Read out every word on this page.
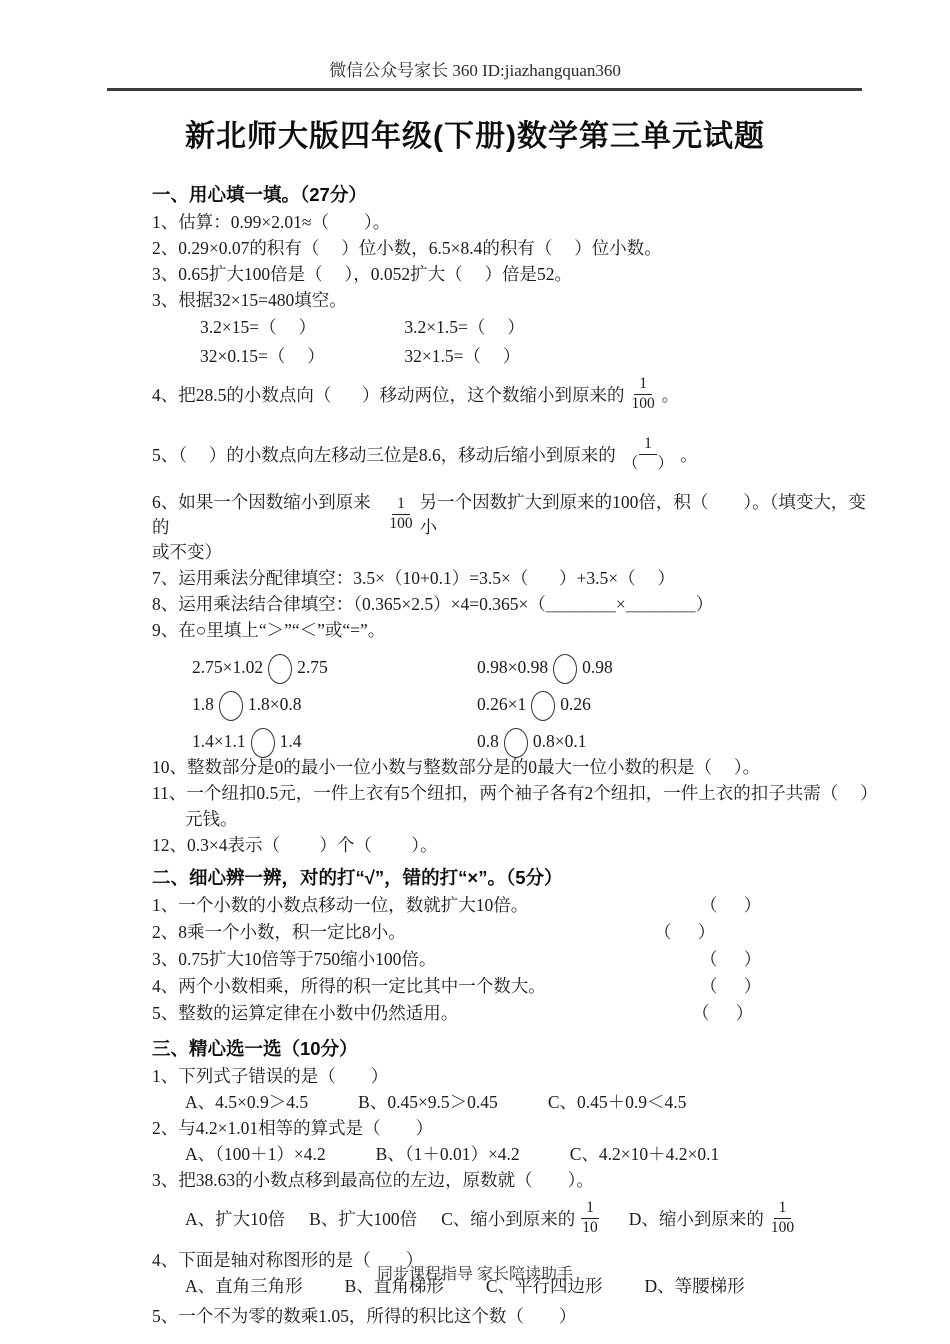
微信公众号家长 360 ID:jiazhangquan360
新北师大版四年级(下册)数学第三单元试题
一、用心填一填。（27分）
1、估算：0.99×2.01≈（        ）。
2、0.29×0.07的积有（     ）位小数，6.5×8.4的积有（     ）位小数。
3、0.65扩大100倍是（     ），0.052扩大（     ）倍是52。
3、根据32×15=480填空。
3.2×15=（     ）	3.2×1.5=（     ）
32×0.15=（     ）	32×1.5=（     ）
4、把28.5的小数点向（       ）移动两位，这个数缩小到原来的 $\frac{1}{100}$ 。
5、（     ）的小数点向左移动三位是8.6，移动后缩小到原来的 $\frac{1}{( )}$ 。
6、如果一个因数缩小到原来的	$\frac{1}{100}$ 另一个因数扩大到原来的100倍，积（        ）。（填变大，变小
或不变）
7、运用乘法分配律填空：3.5×（10+0.1）=3.5×（       ）+3.5×（     ）
8、运用乘法结合律填空：（0.365×2.5）×4=0.365×（＿＿＿＿×＿＿＿＿）
9、在○里填上“＞”“＜”或“=”。
2.75×1.02 2.75	0.98×0.98 0.98
1.8 1.8×0.8	0.26×1 0.26
1.4×1.1 1.4	0.8 0.8×0.1
10、整数部分是0的最小一位小数与整数部分是的0最大一位小数的积是（     ）。
11、一个纽扣0.5元，一件上衣有5个纽扣，两个袖子各有2个纽扣，一件上衣的扣子共需（     ）
元钱。
12、0.3×4表示（         ）个（         ）。
二、细心辨一辨，对的打“√”，错的打“×”。（5分）
1、一个小数的小数点移动一位，数就扩大10倍。	（      ）
2、8乘一个小数，积一定比8小。	（      ）
3、0.75扩大10倍等于750缩小100倍。	（      ）
4、两个小数相乘，所得的积一定比其中一个数大。	（      ）
5、整数的运算定律在小数中仍然适用。	（      ）
三、精心选一选（10分）
1、下列式子错误的是（        ）
A、4.5×0.9＞4.5	B、0.45×9.5＞0.45	C、0.45＋0.9＜4.5
2、与4.2×1.01相等的算式是（        ）
A、（100＋1）×4.2	B、（1＋0.01）×4.2	C、4.2×10＋4.2×0.1
3、把38.63的小数点移到最高位的左边，原数就（        ）。
A、扩大10倍 B、扩大100倍 C、缩小到原来的 $\frac{1}{10}$ D、缩小到原来的 $\frac{1}{100}$
4、下面是轴对称图形的是（        ）
A、直角三角形 B、直角梯形 C、平行四边形 D、等腰梯形
5、一个不为零的数乘1.05，所得的积比这个数（        ）
同步课程指导 家长陪读助手
